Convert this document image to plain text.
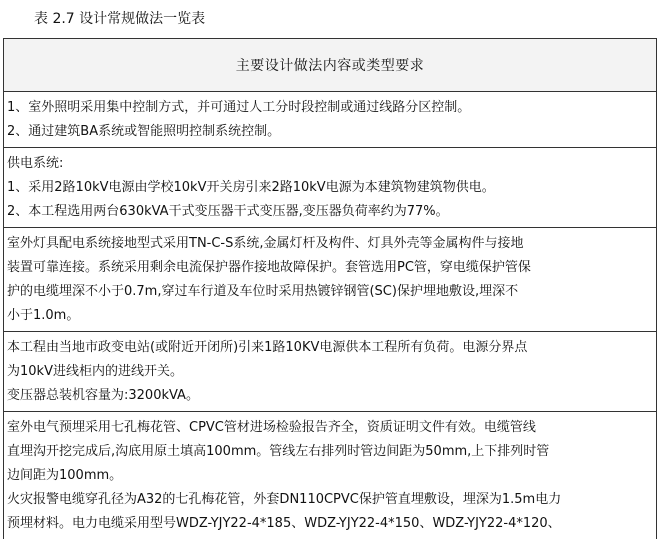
表 2.7 设计常规做法一览表
主要设计做法内容或类型要求
1、室外照明采用集中控制方式，并可通过人工分时段控制或通过线路分区控制。
2、通过建筑BA系统或智能照明控制系统控制。
供电系统:
1、采用2路10kV电源由学校10kV开关房引来2路10kV电源为本建筑物建筑物供电。
2、本工程选用两台630kVA干式变压器干式变压器,变压器负荷率约为77%。
室外灯具配电系统接地型式采用TN-C-S系统,金属灯杆及构件、灯具外壳等金属构件与接地
装置可靠连接。系统采用剩余电流保护器作接地故障保护。套管选用PC管，穿电缆保护管保
护的电缆埋深不小于0.7m,穿过车行道及车位时采用热镀锌钢管(SC)保护埋地敷设,埋深不
小于1.0m。
本工程由当地市政变电站(或附近开闭所)引来1路10KV电源供本工程所有负荷。电源分界点
为10kV进线柜内的进线开关。
变压器总装机容量为:3200kVA。
室外电气预埋采用七孔梅花管、CPVC管材进场检验报告齐全，资质证明文件有效。电缆管线
直埋沟开挖完成后,沟底用原土填高100mm。管线左右排列时管边间距为50mm,上下排列时管
边间距为100mm。
火灾报警电缆穿孔径为A32的七孔梅花管，外套DN110CPVC保护管直埋敷设，埋深为1.5m电力
预埋材料。电力电缆采用型号WDZ-YJY22-4*185、WDZ-YJY22-4*150、WDZ-YJY22-4*120、
